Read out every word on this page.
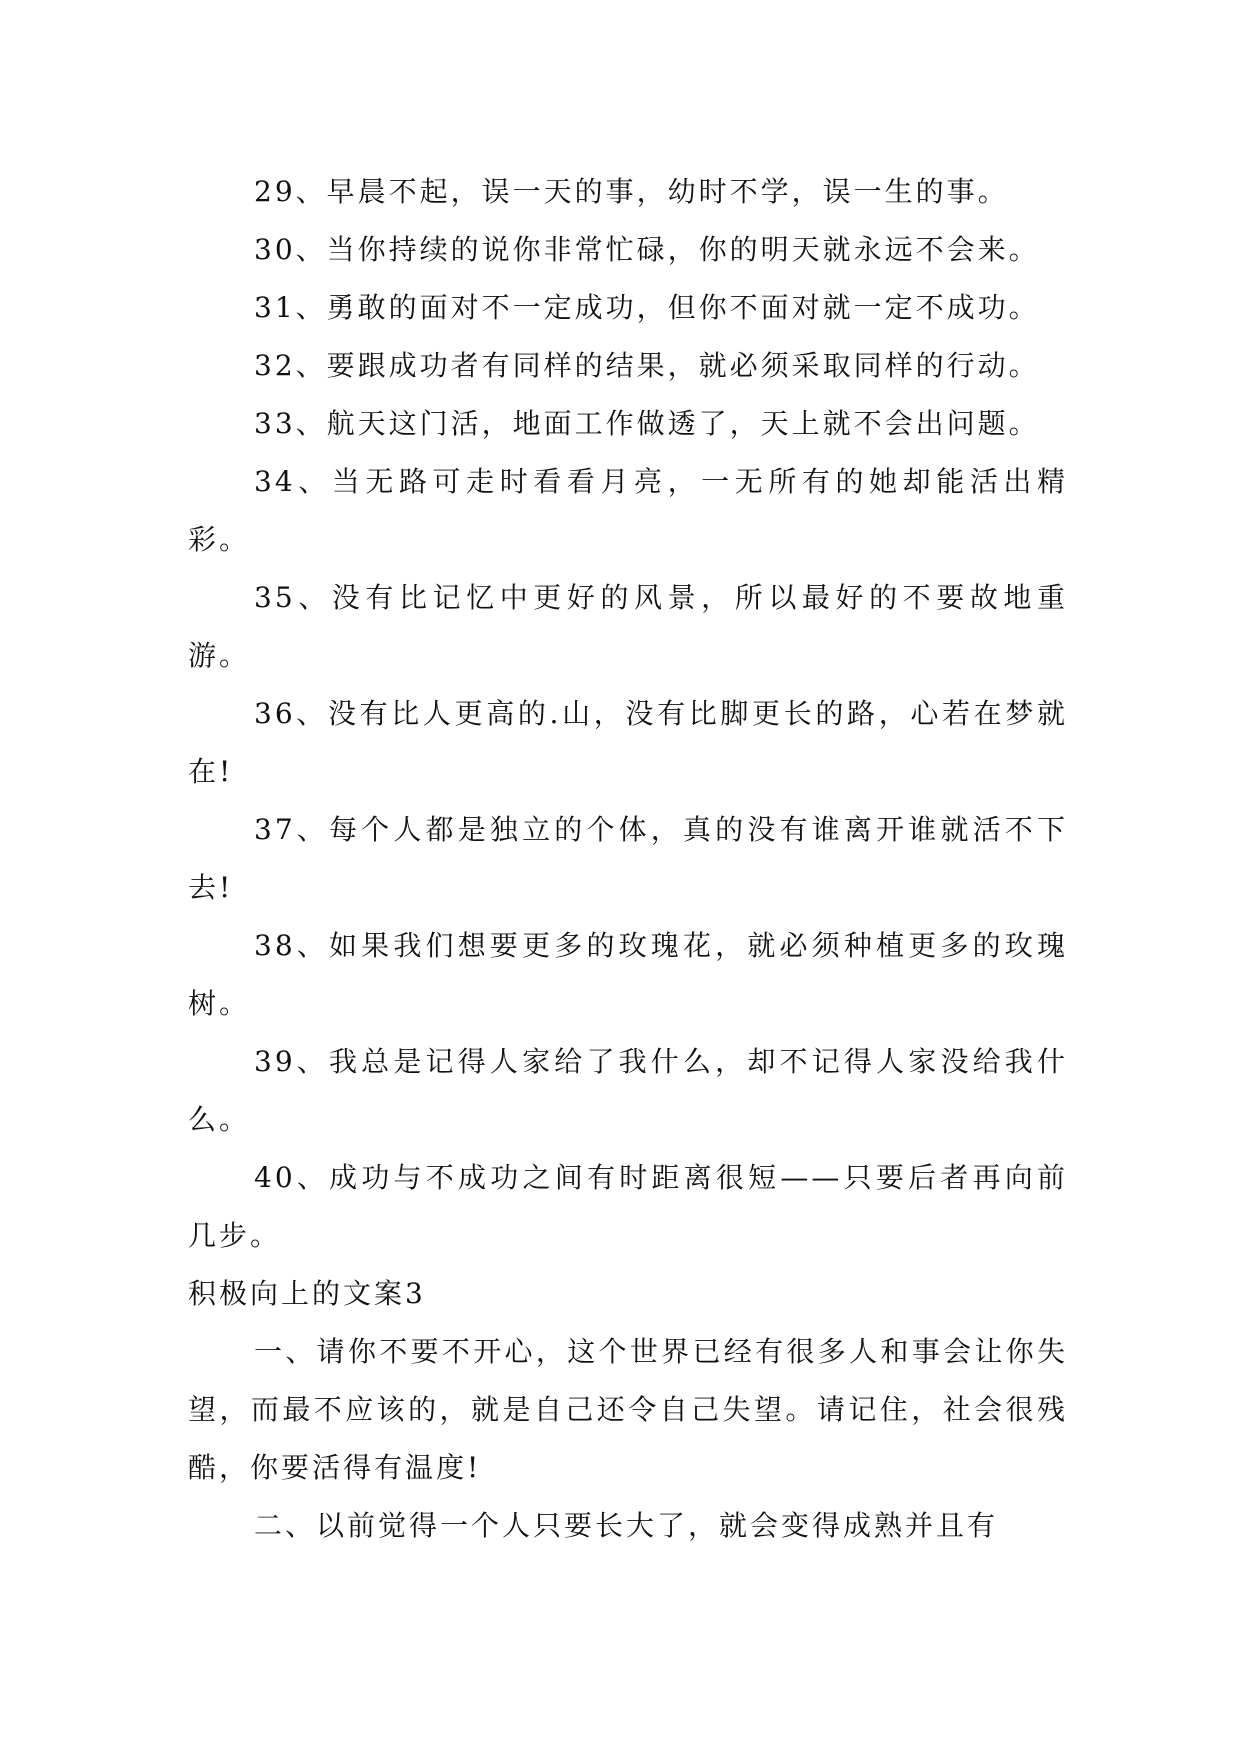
29、早晨不起，误一天的事，幼时不学，误一生的事。

30、当你持续的说你非常忙碌，你的明天就永远不会来。

31、勇敢的面对不一定成功，但你不面对就一定不成功。

32、要跟成功者有同样的结果，就必须采取同样的行动。

33、航天这门活，地面工作做透了，天上就不会出问题。

34、当无路可走时看看月亮，一无所有的她却能活出精彩。

35、没有比记忆中更好的风景，所以最好的不要故地重游。

36、没有比人更高的.山，没有比脚更长的路，心若在梦就在!

37、每个人都是独立的个体，真的没有谁离开谁就活不下去!

38、如果我们想要更多的玫瑰花，就必须种植更多的玫瑰树。

39、我总是记得人家给了我什么，却不记得人家没给我什么。

40、成功与不成功之间有时距离很短——只要后者再向前几步。

积极向上的文案3

一、请你不要不开心，这个世界已经有很多人和事会让你失望，而最不应该的，就是自己还令自己失望。请记住，社会很残酷，你要活得有温度!

二、以前觉得一个人只要长大了，就会变得成熟并且有
